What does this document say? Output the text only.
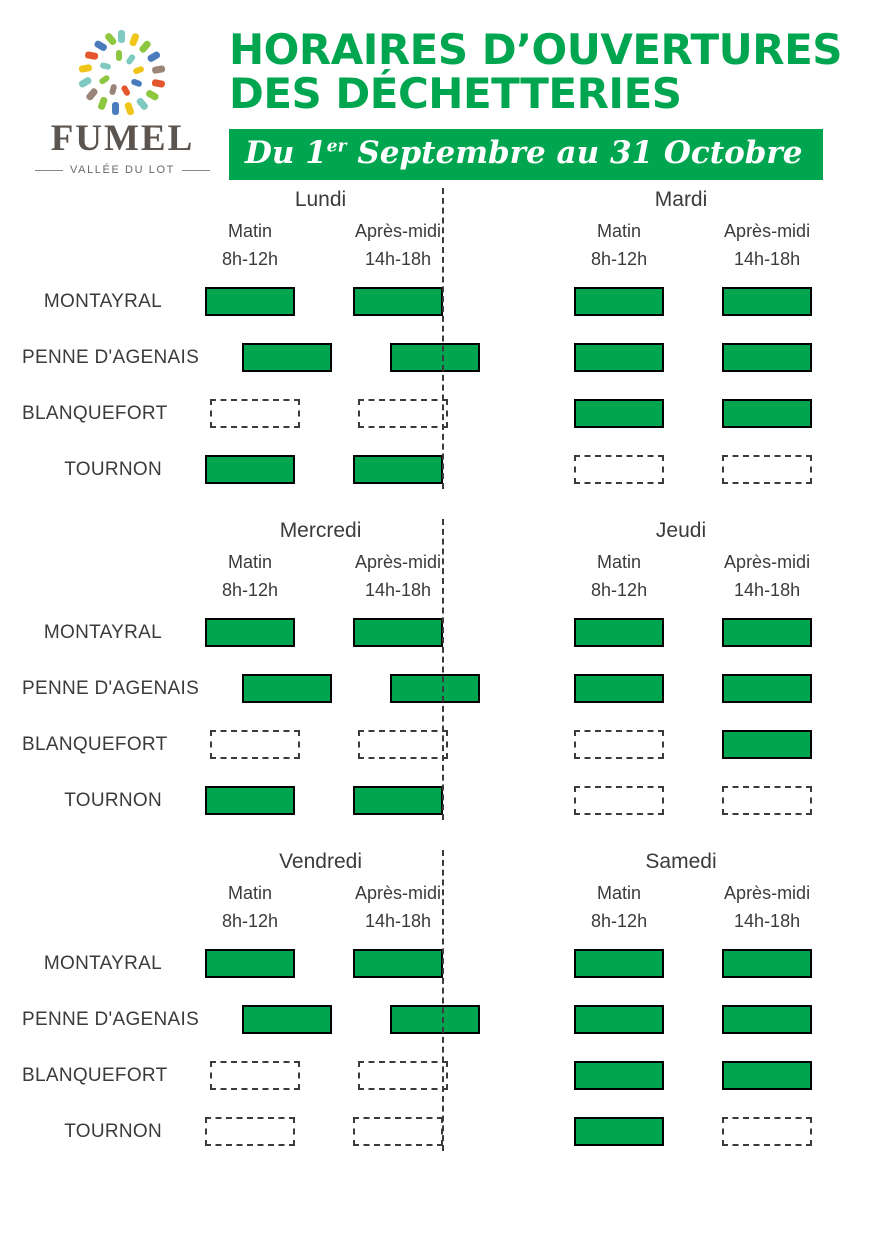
FUMEL
VALLÉE DU LOT
HORAIRES D’OUVERTURES
DES DÉCHETTERIES
Du 1er Septembre au 31 Octobre
Lundi
Matin
8h-12h
Après-midi
14h-18h
MONTAYRAL
PENNE D'AGENAIS
BLANQUEFORT
TOURNON
Mardi
Matin
8h-12h
Après-midi
14h-18h
Mercredi
Matin
8h-12h
Après-midi
14h-18h
MONTAYRAL
PENNE D'AGENAIS
BLANQUEFORT
TOURNON
Jeudi
Matin
8h-12h
Après-midi
14h-18h
Vendredi
Matin
8h-12h
Après-midi
14h-18h
MONTAYRAL
PENNE D'AGENAIS
BLANQUEFORT
TOURNON
Samedi
Matin
8h-12h
Après-midi
14h-18h
